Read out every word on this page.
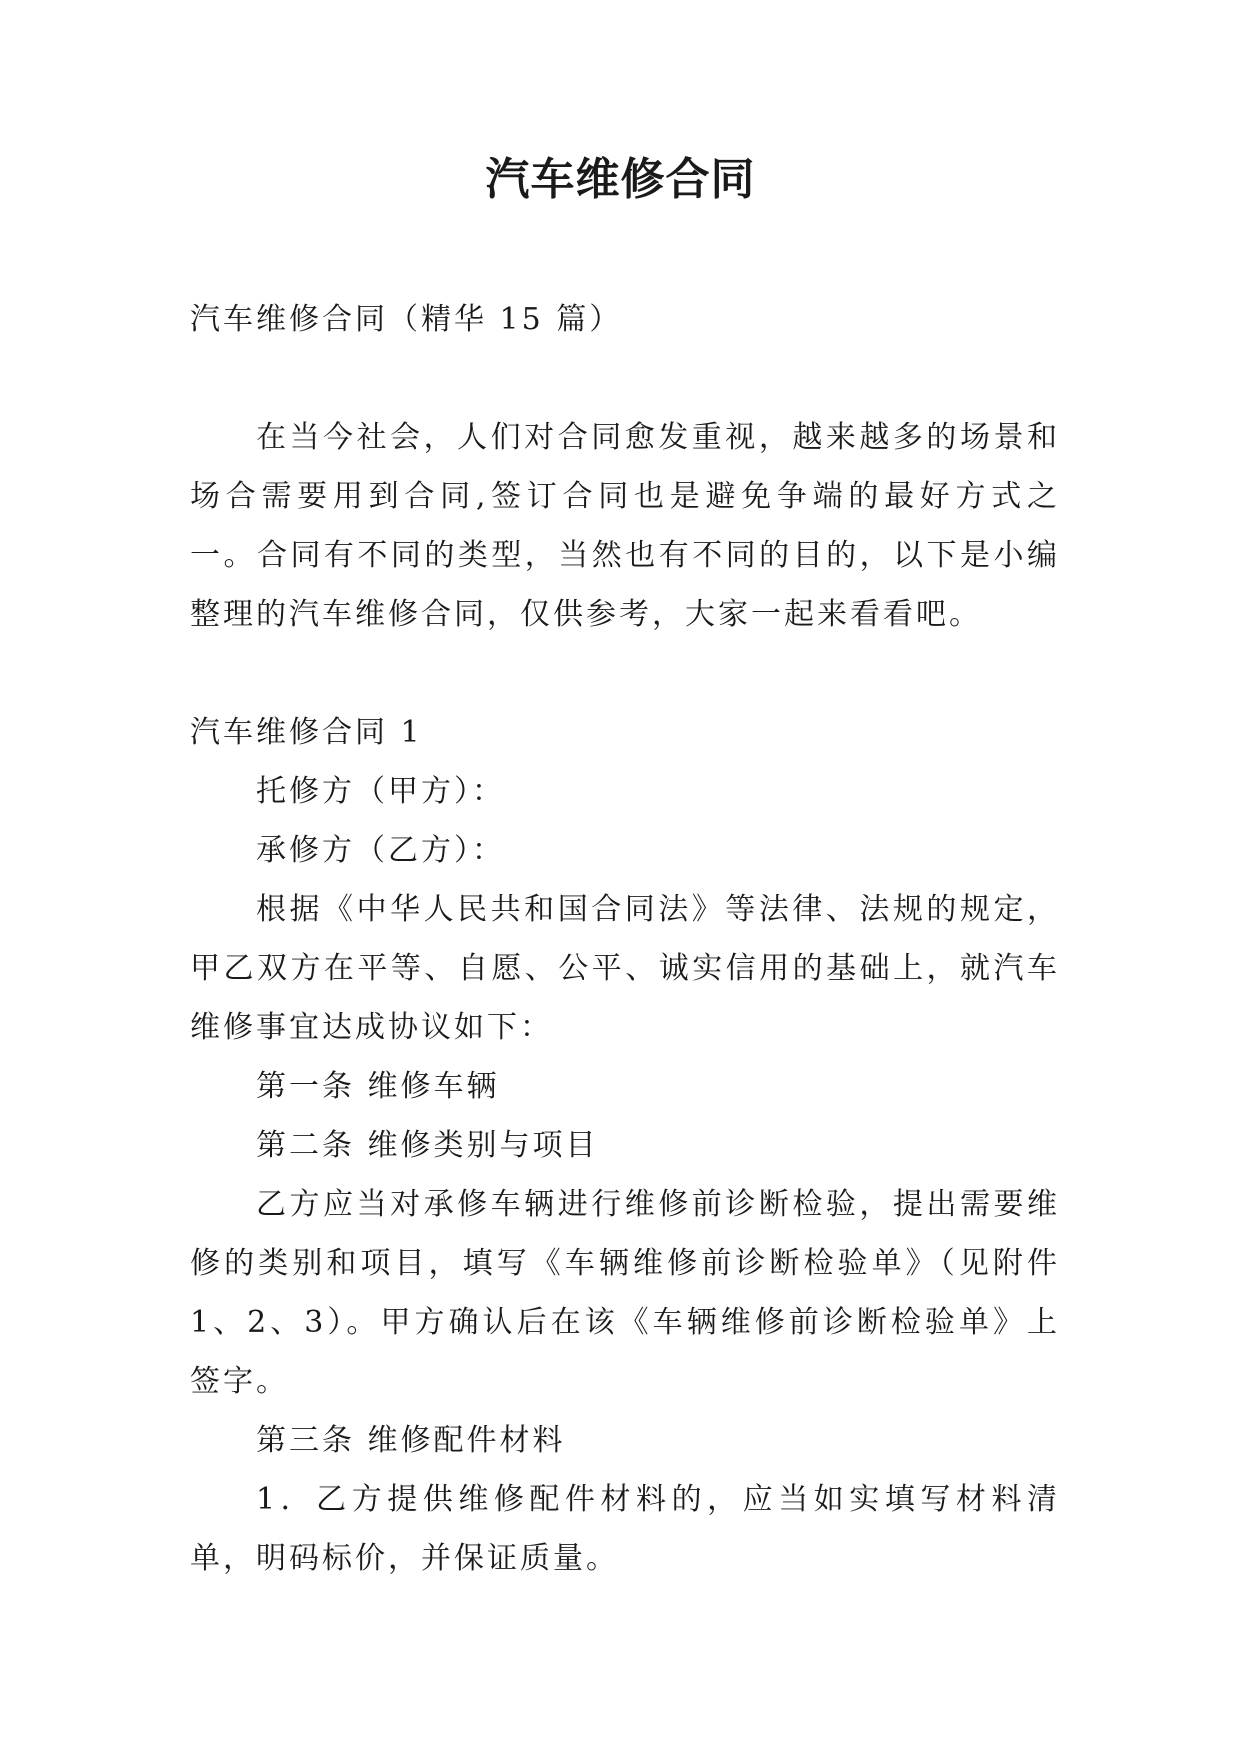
汽车维修合同

汽车维修合同（精华 15 篇）

在当今社会，人们对合同愈发重视，越来越多的场景和场合需要用到合同,签订合同也是避免争端的最好方式之一。合同有不同的类型，当然也有不同的目的，以下是小编整理的汽车维修合同，仅供参考，大家一起来看看吧。

汽车维修合同 1

托修方（甲方）：

承修方（乙方）：

根据《中华人民共和国合同法》等法律、法规的规定，甲乙双方在平等、自愿、公平、诚实信用的基础上，就汽车维修事宜达成协议如下：

第一条 维修车辆

第二条 维修类别与项目

乙方应当对承修车辆进行维修前诊断检验，提出需要维修的类别和项目，填写《车辆维修前诊断检验单》（见附件 1、2、3）。甲方确认后在该《车辆维修前诊断检验单》上签字。

第三条 维修配件材料

1．乙方提供维修配件材料的，应当如实填写材料清单，明码标价，并保证质量。
